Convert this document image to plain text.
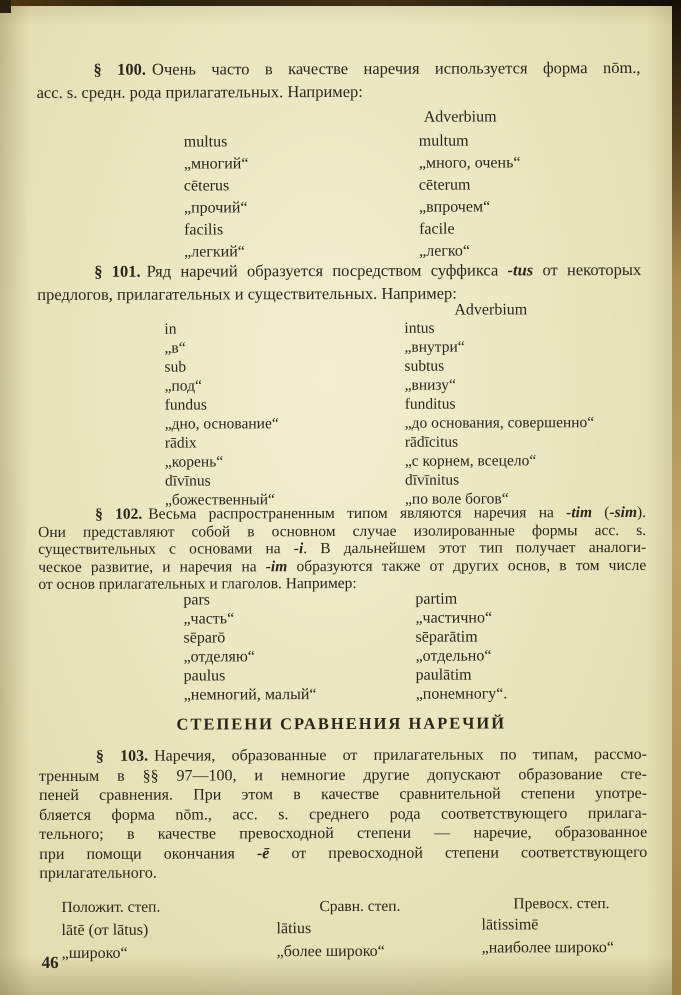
§ 100. Очень часто в качестве наречия используется форма nōm.,
acc. s. средн. рода прилагательных. Например:
Adverbium
multus
„многий“
multum
„много, очень“
cēterus
„прочий“
cēterum
„впрочем“
facilis
„легкий“
facile
„легко“
§ 101. Ряд наречий образуется посредством суффикса -tus от некоторых
предлогов, прилагательных и существительных. Например:
Adverbium
in
„в“
intus
„внутри“
sub
„под“
subtus
„внизу“
fundus
„дно, основание“
funditus
„до основания, совершенно“
rādix
„корень“
rādīcitus
„с корнем, всецело“
dīvīnus
„божественный“
dīvīnitus
„по воле богов“
§ 102. Весьма распространенным типом являются наречия на -tim (-sim).
Они представляют собой в основном случае изолированные формы acc. s.
существительных с основами на -i. В дальнейшем этот тип получает аналоги-
ческое развитие, и наречия на -im образуются также от других основ, в том числе
от основ прилагательных и глаголов. Например:
pars
„часть“
partim
„частично“
sēparō
„отделяю“
sēparātim
„отдельно“
paulus
„немногий, малый“
paulātim
„понемногу“.
СТЕПЕНИ СРАВНЕНИЯ НАРЕЧИЙ
§ 103. Наречия, образованные от прилагательных по типам, рассмо-
тренным в §§ 97—100, и немногие другие допускают образование сте-
пеней сравнения. При этом в качестве сравнительной степени употре-
бляется форма nōm., acc. s. среднего рода соответствующего прилага-
тельного; в качестве превосходной степени — наречие, образованное
при помощи окончания -ē от превосходной степени соответствующего
прилагательного.
Положит. степ.	Сравн. степ.	Превосх. степ.
lātē (от lātus)
„широко“
lātius
„более широко“
lātissimē
„наиболее широко“
46
